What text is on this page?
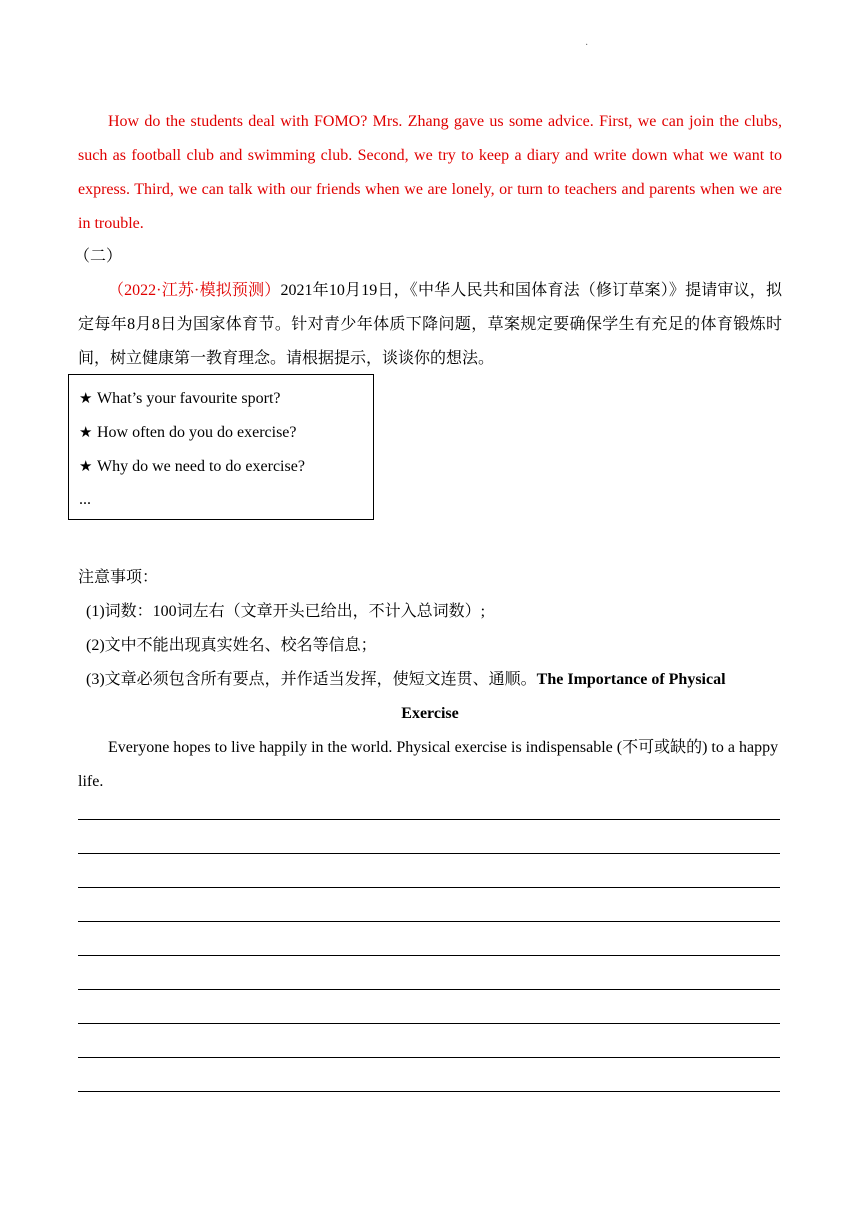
·

How do the students deal with FOMO? Mrs. Zhang gave us some advice. First, we can join the clubs, such as football club and swimming club. Second, we try to keep a diary and write down what we want to express. Third, we can talk with our friends when we are lonely, or turn to teachers and parents when we are in trouble.

（二）

（2022·江苏·模拟预测）2021年10月19日，《中华人民共和国体育法（修订草案）》提请审议，拟定每年8月8日为国家体育节。针对青少年体质下降问题，草案规定要确保学生有充足的体育锻炼时间，树立健康第一教育理念。请根据提示，谈谈你的想法。

★ What’s your favourite sport?
★ How often do you do exercise?
★ Why do we need to do exercise?
...

注意事项：

(1)词数：100词左右（文章开头已给出，不计入总词数）;
(2)文中不能出现真实姓名、校名等信息；
(3)文章必须包含所有要点，并作适当发挥，使短文连贯、通顺。The Importance of Physical
Exercise

Everyone hopes to live happily in the world. Physical exercise is indispensable (不可或缺的) to a happy life.
